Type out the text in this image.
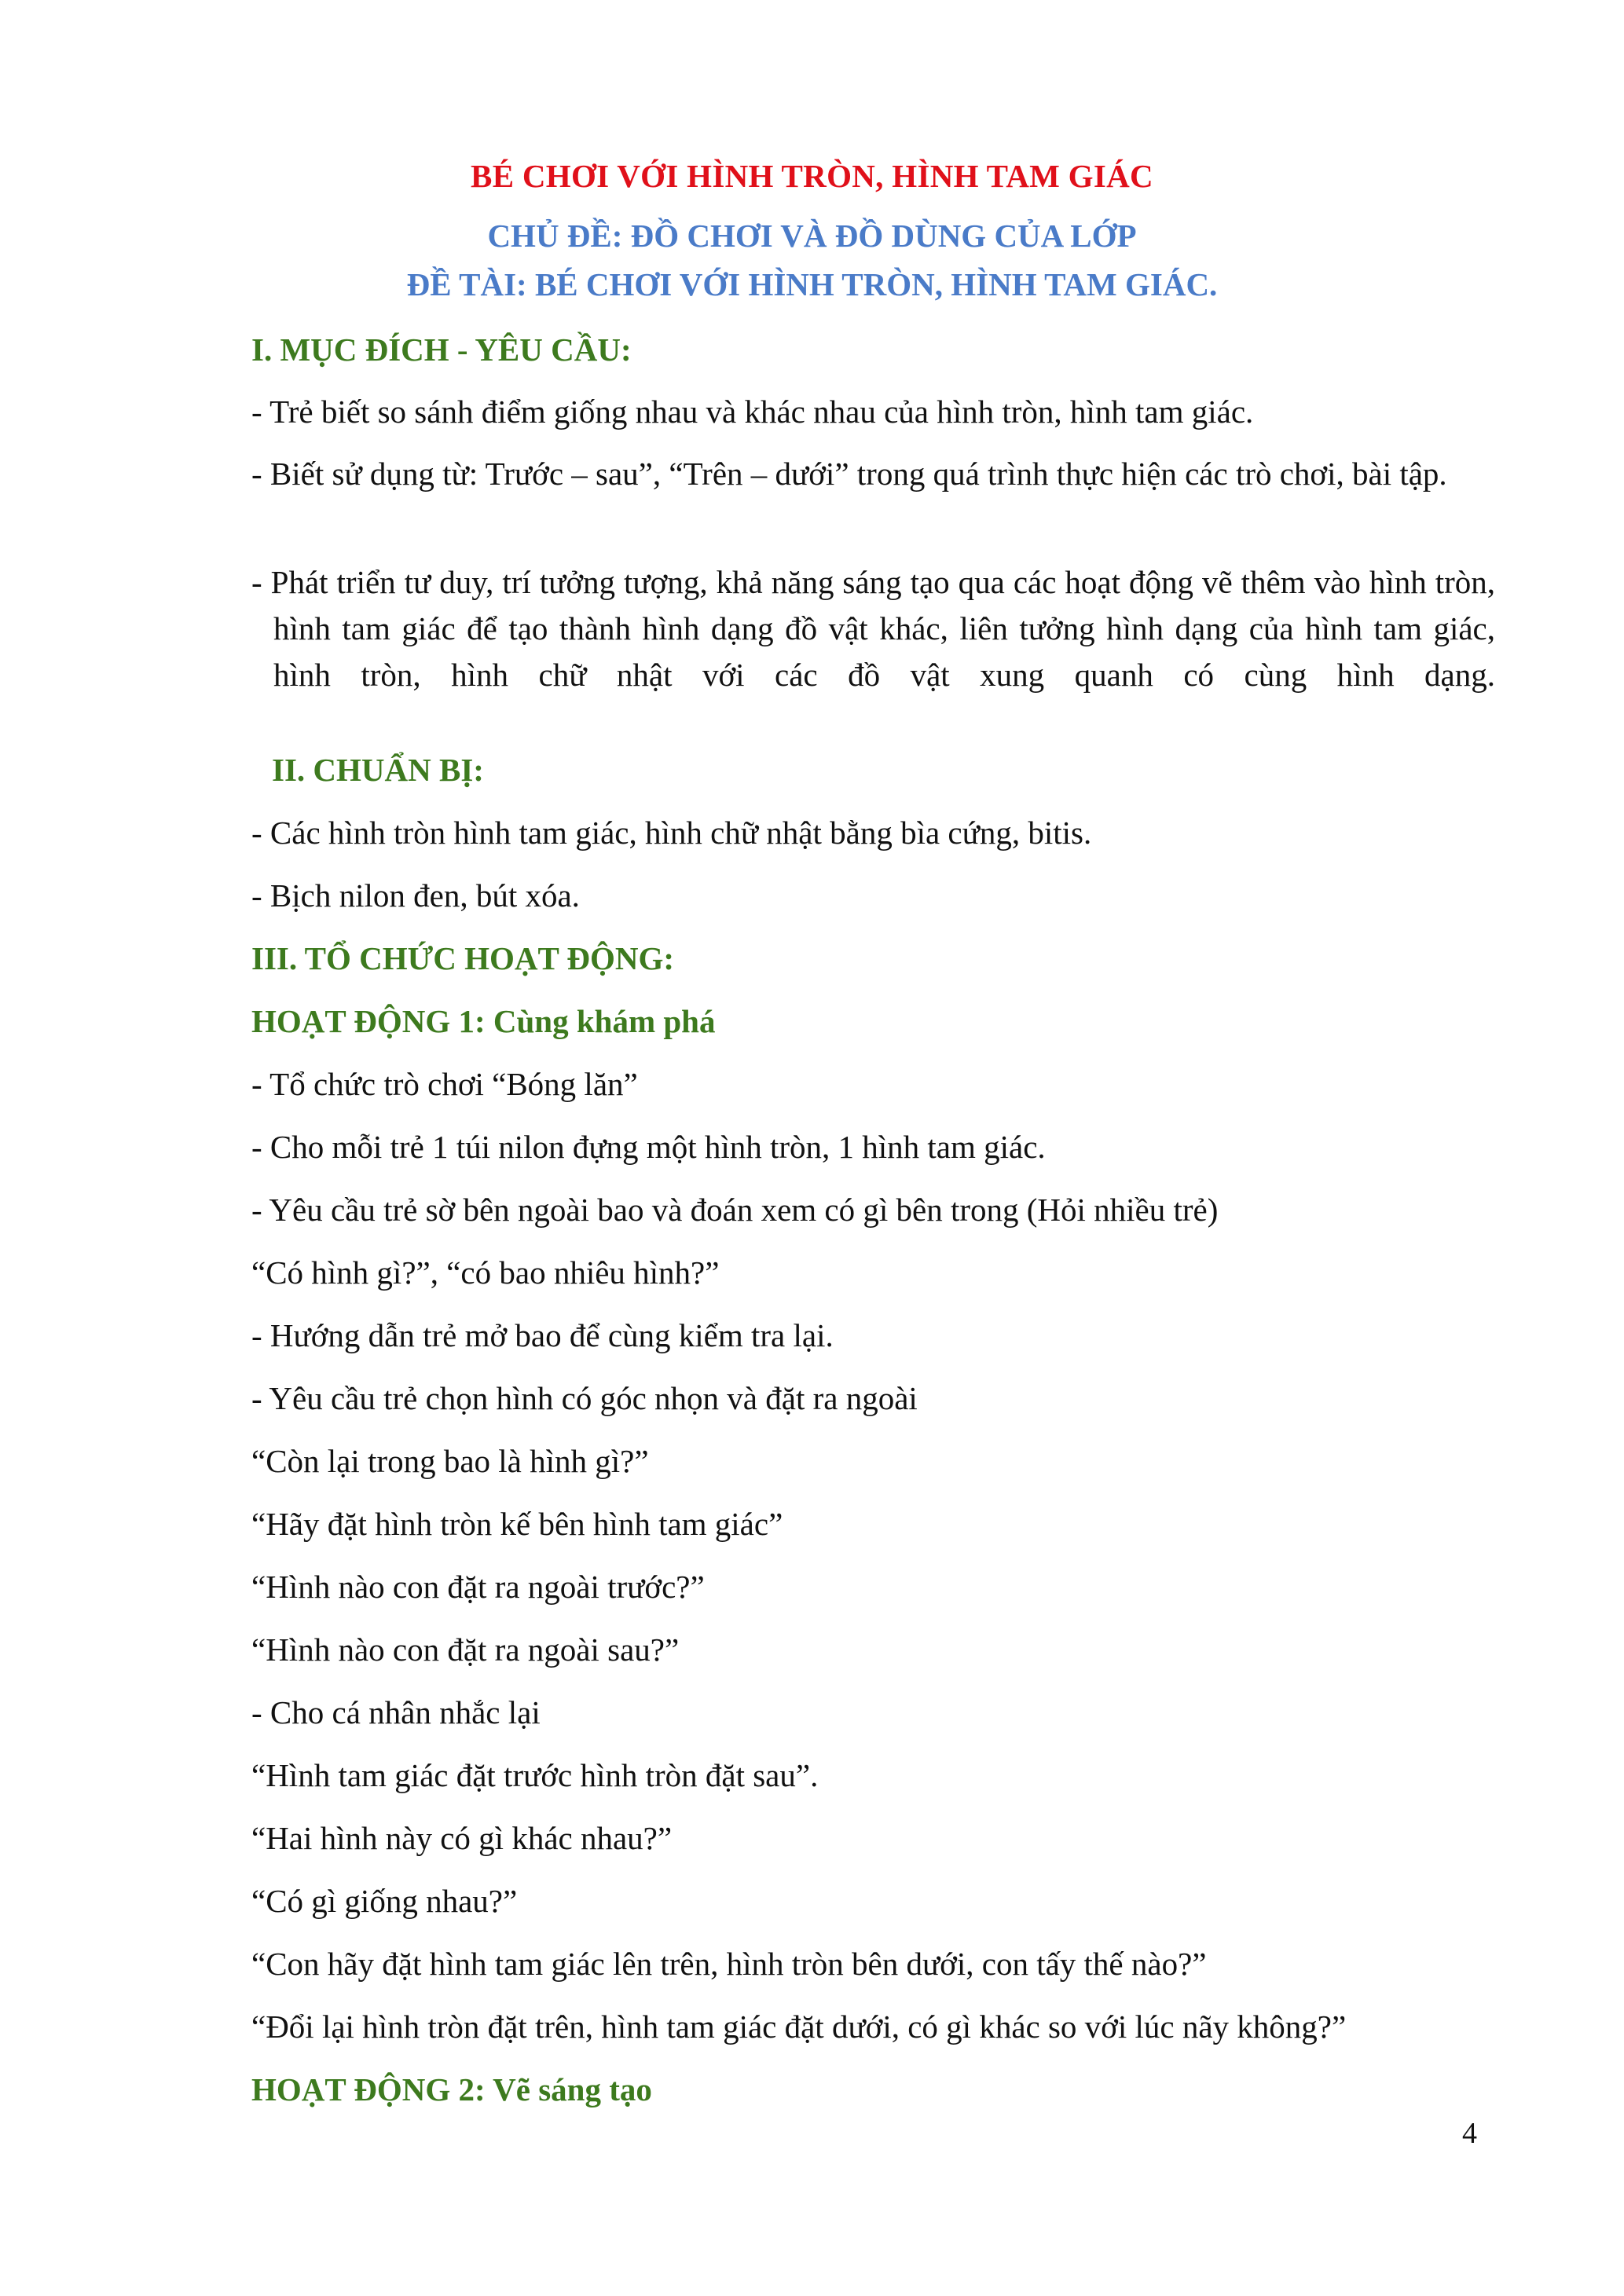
BÉ CHƠI VỚI HÌNH TRÒN, HÌNH TAM GIÁC
CHỦ ĐỀ: ĐỒ CHƠI VÀ ĐỒ DÙNG CỦA LỚP
ĐỀ TÀI: BÉ CHƠI VỚI HÌNH TRÒN, HÌNH TAM GIÁC.
I. MỤC ĐÍCH - YÊU CẦU:
- Trẻ biết so sánh điểm giống nhau và khác nhau của hình tròn, hình tam giác.
- Biết sử dụng từ: Trước – sau”, “Trên – dưới” trong quá trình thực hiện các trò chơi, bài tập.
- Phát triển tư duy, trí tưởng tượng, khả năng sáng tạo qua các hoạt động vẽ thêm vào hình tròn, hình tam giác để tạo thành hình dạng đồ vật khác, liên tưởng hình dạng của hình tam giác, hình tròn, hình chữ nhật với các đồ vật xung quanh có cùng hình dạng.
II. CHUẨN BỊ:
- Các hình tròn hình tam giác, hình chữ nhật bằng bìa cứng, bitis.
- Bịch nilon đen, bút xóa.
III. TỔ CHỨC HOẠT ĐỘNG:
HOẠT ĐỘNG 1: Cùng khám phá
- Tổ chức trò chơi “Bóng lăn”
- Cho mỗi trẻ 1 túi nilon đựng một hình tròn, 1 hình tam giác.
- Yêu cầu trẻ sờ bên ngoài bao và đoán xem có gì bên trong (Hỏi nhiều trẻ)
“Có hình gì?”, “có bao nhiêu hình?”
- Hướng dẫn trẻ mở bao để cùng kiểm tra lại.
- Yêu cầu trẻ chọn hình có góc nhọn và đặt ra ngoài
“Còn lại trong bao là hình gì?”
“Hãy đặt hình tròn kế bên hình tam giác”
“Hình nào con đặt ra ngoài trước?”
“Hình nào con đặt ra ngoài sau?”
- Cho cá nhân nhắc lại
“Hình tam giác đặt trước hình tròn đặt sau”.
“Hai hình này có gì khác nhau?”
“Có gì giống nhau?”
“Con hãy đặt hình tam giác lên trên, hình tròn bên dưới, con tấy thế nào?”
“Đổi lại hình tròn đặt trên, hình tam giác đặt dưới, có gì khác so với lúc nãy không?”
HOẠT ĐỘNG 2: Vẽ sáng tạo
4
